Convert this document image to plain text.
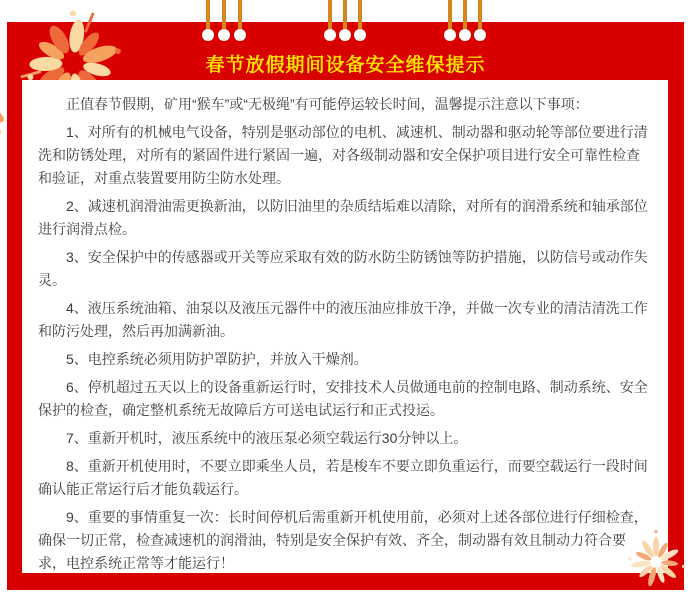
春节放假期间设备安全维保提示

正值春节假期，矿用“猴车”或“无极绳”有可能停运较长时间，温馨提示注意以下事项：

1、对所有的机械电气设备，特别是驱动部位的电机、减速机、制动器和驱动轮等部位要进行清洗和防锈处理，对所有的紧固件进行紧固一遍，对各级制动器和安全保护项目进行安全可靠性检查和验证，对重点装置要用防尘防水处理。

2、减速机润滑油需更换新油，以防旧油里的杂质结垢难以清除，对所有的润滑系统和轴承部位进行润滑点检。

3、安全保护中的传感器或开关等应采取有效的防水防尘防锈蚀等防护措施，以防信号或动作失灵。

4、液压系统油箱、油泵以及液压元器件中的液压油应排放干净，并做一次专业的清洁清洗工作和防污处理，然后再加满新油。

5、电控系统必须用防护罩防护，并放入干燥剂。

6、停机超过五天以上的设备重新运行时，安排技术人员做通电前的控制电路、制动系统、安全保护的检查，确定整机系统无故障后方可送电试运行和正式投运。

7、重新开机时，液压系统中的液压泵必须空载运行30分钟以上。

8、重新开机使用时，不要立即乘坐人员，若是梭车不要立即负重运行，而要空载运行一段时间确认能正常运行后才能负载运行。

9、重要的事情重复一次：长时间停机后需重新开机使用前，必须对上述各部位进行仔细检查，确保一切正常，检查减速机的润滑油，特别是安全保护有效、齐全，制动器有效且制动力符合要求，电控系统正常等才能运行！
